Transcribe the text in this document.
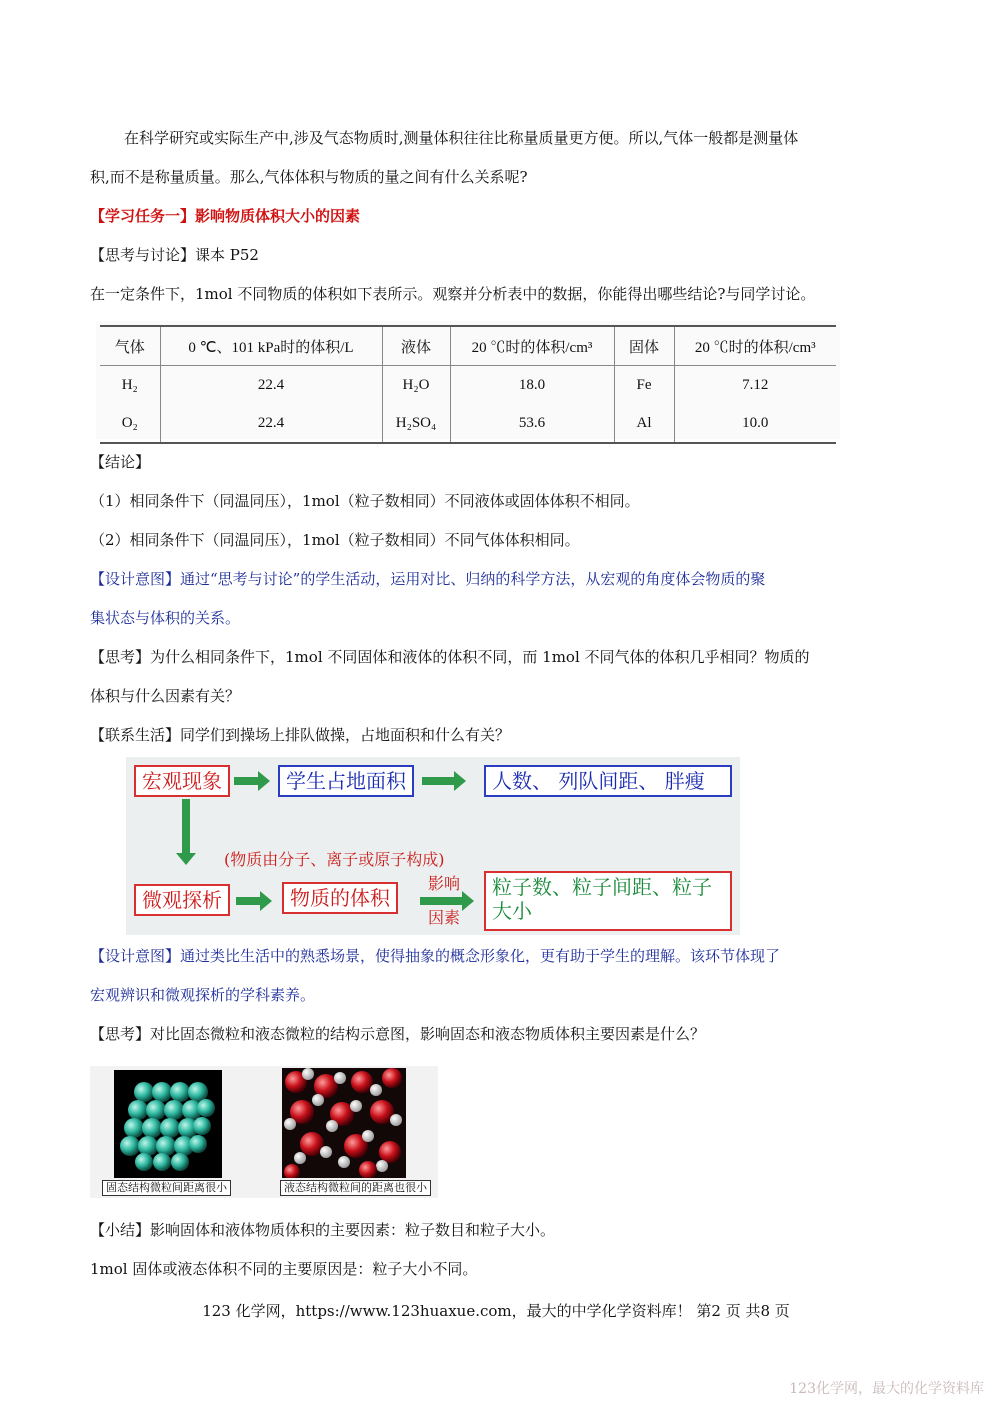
在科学研究或实际生产中,涉及气态物质时,测量体积往往比称量质量更方便。所以,气体一般都是测量体
积,而不是称量质量。那么,气体体积与物质的量之间有什么关系呢?
【学习任务一】影响物质体积大小的因素
【思考与讨论】课本 P52
在一定条件下，1mol 不同物质的体积如下表所示。观察并分析表中的数据，你能得出哪些结论?与同学讨论。
气体	0 ℃、101 kPa时的体积/L	液体	20 ℃时的体积/cm³	固体	20 ℃时的体积/cm³
H₂	22.4	H₂O	18.0	Fe	7.12
O₂	22.4	H₂SO₄	53.6	Al	10.0
【结论】
（1）相同条件下（同温同压），1mol（粒子数相同）不同液体或固体体积不相同。
（2）相同条件下（同温同压），1mol（粒子数相同）不同气体体积相同。
【设计意图】通过“思考与讨论”的学生活动，运用对比、归纳的科学方法，从宏观的角度体会物质的聚
集状态与体积的关系。
【思考】为什么相同条件下，1mol 不同固体和液体的体积不同，而 1mol 不同气体的体积几乎相同？物质的
体积与什么因素有关？
【联系生活】同学们到操场上排队做操，占地面积和什么有关？
宏观现象	学生占地面积	人数、 列队间距、 胖瘦
(物质由分子、离子或原子构成)
微观探析	物质的体积
影响
因素
粒子数、粒子间距、粒子
大小
【设计意图】通过类比生活中的熟悉场景，使得抽象的概念形象化，更有助于学生的理解。该环节体现了
宏观辨识和微观探析的学科素养。
【思考】对比固态微粒和液态微粒的结构示意图，影响固态和液态物质体积主要因素是什么？
固态结构微粒间距离很小	液态结构微粒间的距离也很小
【小结】影响固体和液体物质体积的主要因素：粒子数目和粒子大小。
1mol 固体或液态体积不同的主要原因是：粒子大小不同。
123 化学网，https://www.123huaxue.com，最大的中学化学资料库！ 第2 页 共8 页
123化学网，最大的化学资料库
